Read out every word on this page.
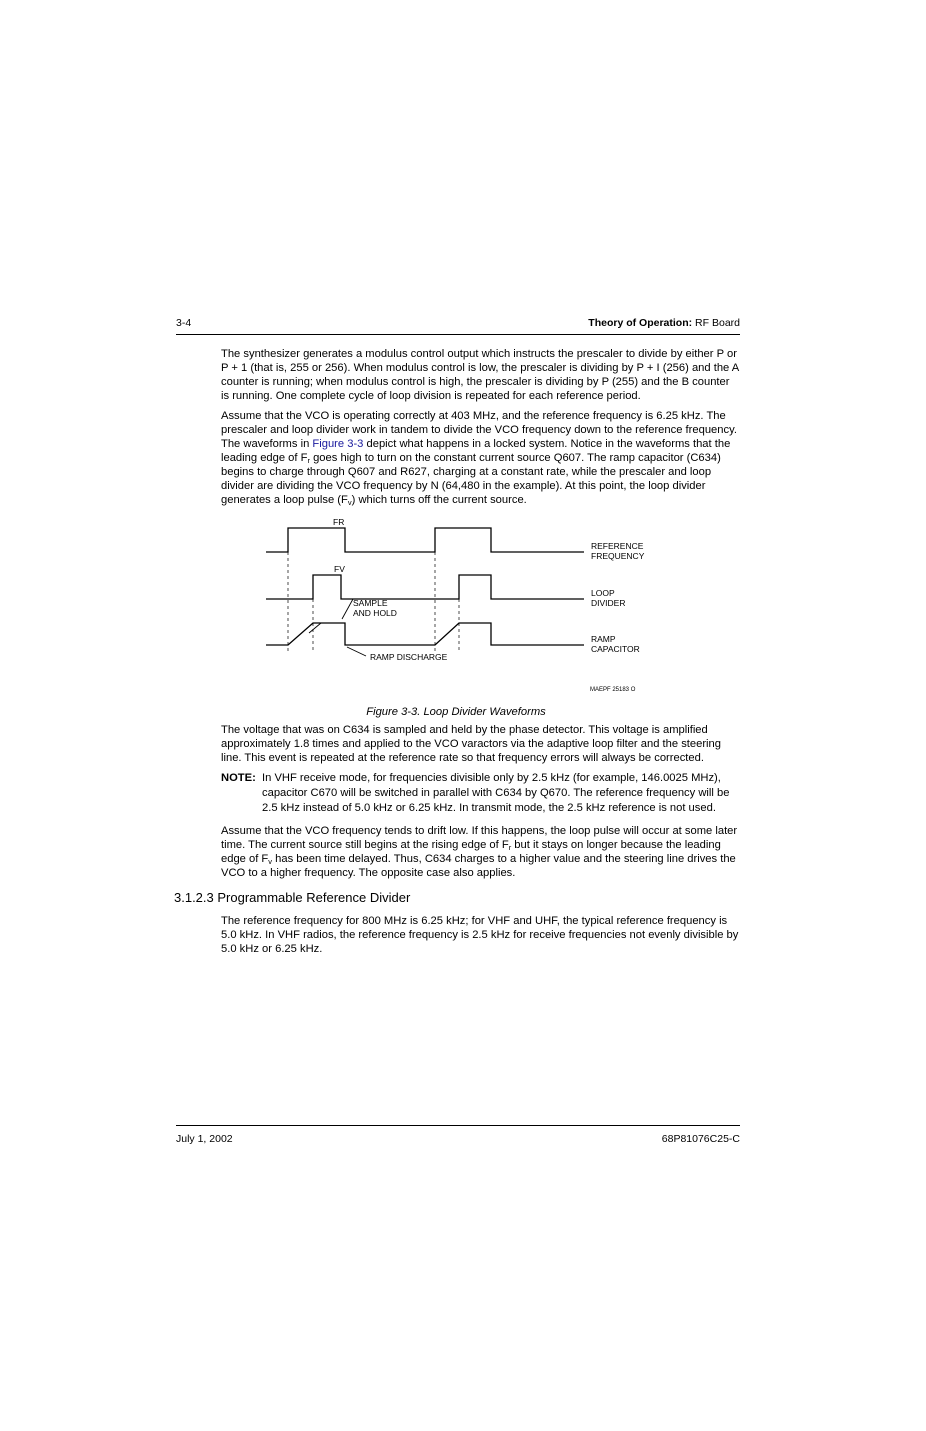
3-4	Theory of Operation: RF Board

The synthesizer generates a modulus control output which instructs the prescaler to divide by either P or P + 1 (that is, 255 or 256). When modulus control is low, the prescaler is dividing by P + I (256) and the A counter is running; when modulus control is high, the prescaler is dividing by P (255) and the B counter is running. One complete cycle of loop division is repeated for each reference period.

Assume that the VCO is operating correctly at 403 MHz, and the reference frequency is 6.25 kHz. The prescaler and loop divider work in tandem to divide the VCO frequency down to the reference frequency. The waveforms in Figure 3-3 depict what happens in a locked system. Notice in the waveforms that the leading edge of $F_r$ goes high to turn on the constant current source Q607. The ramp capacitor (C634) begins to charge through Q607 and R627, charging at a constant rate, while the prescaler and loop divider are dividing the VCO frequency by N (64,480 in the example). At this point, the loop divider generates a loop pulse $(F_v)$ which turns off the current source.

FR
FV
REFERENCE
FREQUENCY
LOOP
DIVIDER
RAMP
CAPACITOR
SAMPLE
AND HOLD
RAMP DISCHARGE
MAEPF 25183 O
Figure 3-3. Loop Divider Waveforms

The voltage that was on C634 is sampled and held by the phase detector. This voltage is amplified approximately 1.8 times and applied to the VCO varactors via the adaptive loop filter and the steering line. This event is repeated at the reference rate so that frequency errors will always be corrected.

NOTE: In VHF receive mode, for frequencies divisible only by 2.5 kHz (for example, 146.0025 MHz), capacitor C670 will be switched in parallel with C634 by Q670. The reference frequency will be 2.5 kHz instead of 5.0 kHz or 6.25 kHz. In transmit mode, the 2.5 kHz reference is not used.

Assume that the VCO frequency tends to drift low. If this happens, the loop pulse will occur at some later time. The current source still begins at the rising edge of $F_r$ but it stays on longer because the leading edge of $F_v$ has been time delayed. Thus, C634 charges to a higher value and the steering line drives the VCO to a higher frequency. The opposite case also applies.

3.1.2.3 Programmable Reference Divider

The reference frequency for 800 MHz is 6.25 kHz; for VHF and UHF, the typical reference frequency is 5.0 kHz. In VHF radios, the reference frequency is 2.5 kHz for receive frequencies not evenly divisible by 5.0 kHz or 6.25 kHz.

July 1, 2002	68P81076C25-C
